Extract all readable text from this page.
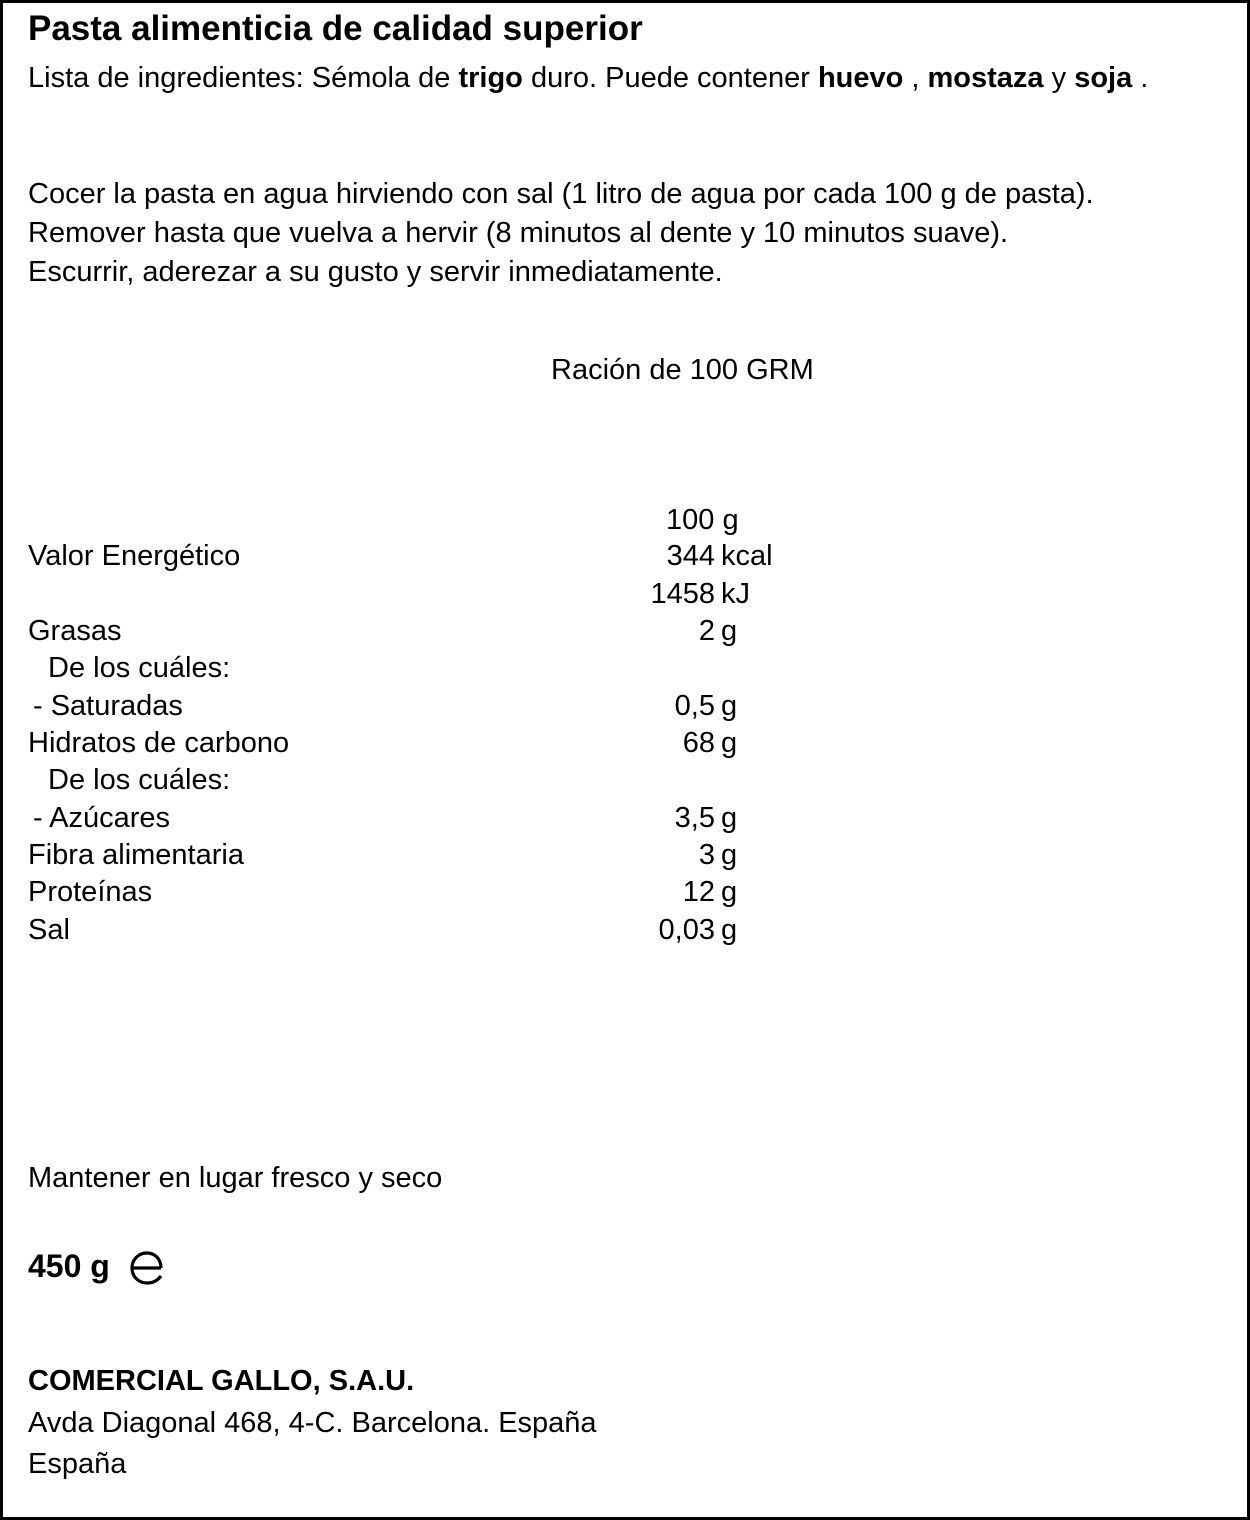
Pasta alimenticia de calidad superior
Lista de ingredientes: Sémola de trigo duro. Puede contener huevo , mostaza y soja .
Cocer la pasta en agua hirviendo con sal (1 litro de agua por cada 100 g de pasta).
Remover hasta que vuelva a hervir (8 minutos al dente y 10 minutos suave).
Escurrir, aderezar a su gusto y servir inmediatamente.
Ración de 100 GRM
100 g
Valor Energético	344 kcal
1458 kJ
Grasas	2 g
De los cuáles:
- Saturadas	0,5 g
Hidratos de carbono	68 g
De los cuáles:
- Azúcares	3,5 g
Fibra alimentaria	3 g
Proteínas	12 g
Sal	0,03 g
Mantener en lugar fresco y seco
450 g
COMERCIAL GALLO, S.A.U.
Avda Diagonal 468, 4-C. Barcelona. España
España
